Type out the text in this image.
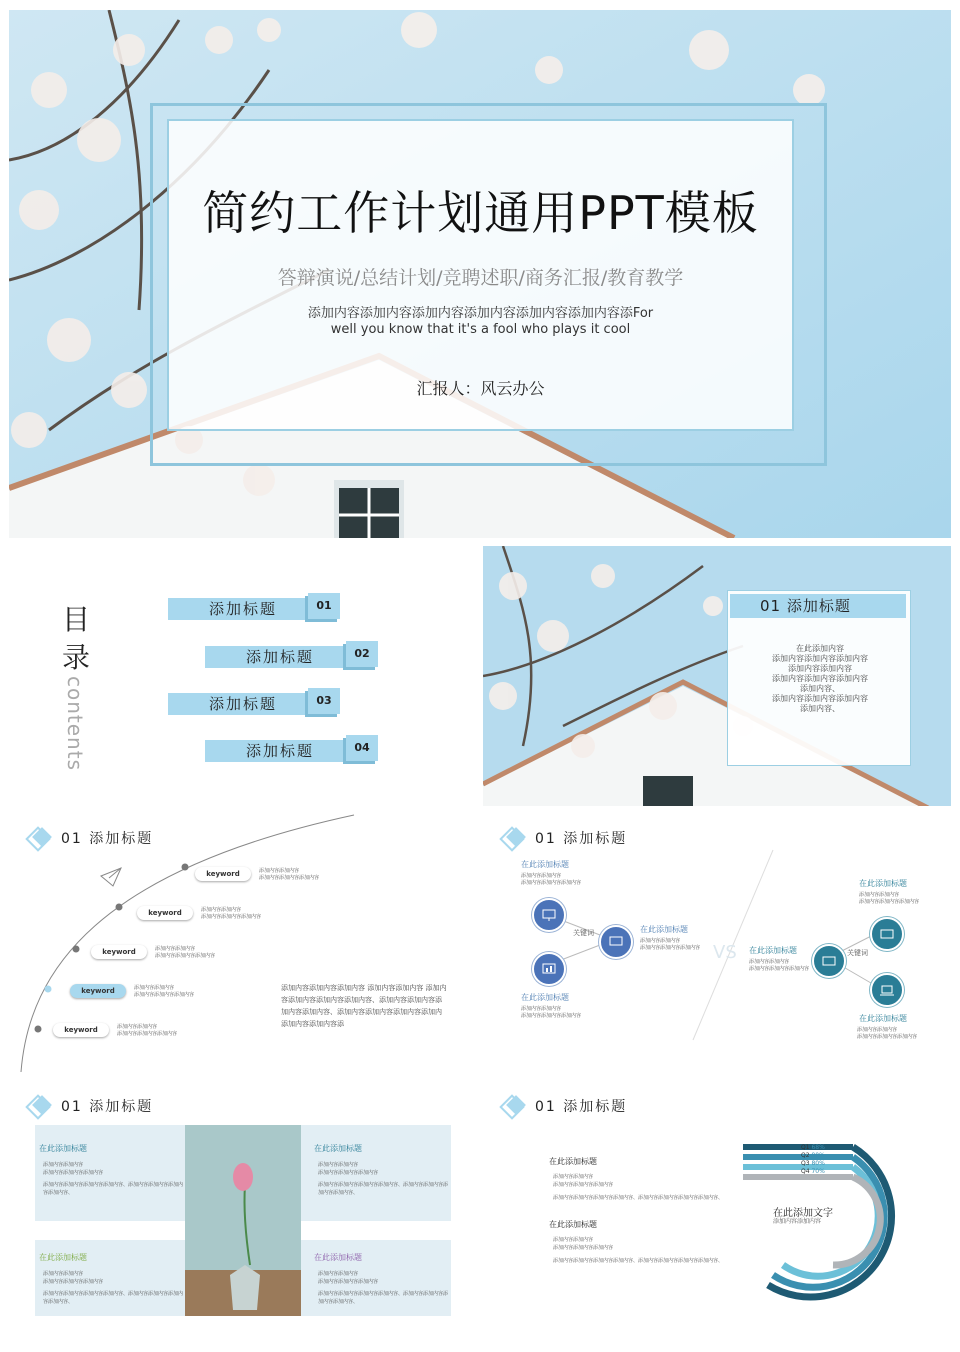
简约工作计划通用PPT模板
答辩演说/总结计划/竞聘述职/商务汇报/教育教学
添加内容添加内容添加内容添加内容添加内容添加内容添For
well you know that it's a fool who plays it cool
汇报人：风云办公
目录
contents
添加标题	01
添加标题	02
添加标题	03
添加标题	04
01 添加标题
在此添加内容
添加内容添加内容添加内容
添加内容添加内容
添加内容添加内容添加内容
添加内容、
添加内容添加内容添加内容
添加内容、
01 添加标题
keyword	添加内容添加内容
添加内容添加内容添加内容
keyword	添加内容添加内容
添加内容添加内容添加内容
keyword	添加内容添加内容
添加内容添加内容添加内容
keyword	添加内容添加内容
添加内容添加内容添加内容
keyword	添加内容添加内容
添加内容添加内容添加内容
添加内容添加内容添加内容 添加内容添加内容 添加内
容添加内容添加内容添加内容、添加内容添加内容添
加内容添加内容、添加内容添加内容添加内容添加内
添加内容添加内容添
01 添加标题
在此添加标题
添加内容添加内容
添加内容添加内容添加内容
关键词	在此添加标题
添加内容添加内容
添加内容添加内容添加内容
在此添加标题
添加内容添加内容
添加内容添加内容添加内容
VS
在此添加标题
添加内容添加内容
添加内容添加内容添加内容
在此添加标题
添加内容添加内容
添加内容添加内容添加内容
关键词
在此添加标题
添加内容添加内容
添加内容添加内容添加内容
01 添加标题
在此添加标题
添加内容添加内容
添加内容添加内容添加内容
添加内容添加内容添加内容添加内容、添加内容添加内容添加内容添加内容、
在此添加标题
添加内容添加内容
添加内容添加内容添加内容
添加内容添加内容添加内容添加内容、添加内容添加内容添加内容添加内容、
在此添加标题
添加内容添加内容
添加内容添加内容添加内容
添加内容添加内容添加内容添加内容、添加内容添加内容添加内容添加内容、
在此添加标题
添加内容添加内容
添加内容添加内容添加内容
添加内容添加内容添加内容添加内容、添加内容添加内容添加内容添加内容、
01 添加标题
在此添加标题
添加内容添加内容
添加内容添加内容添加内容
添加内容添加内容添加内容添加内容、添加内容添加内容添加内容添加内容、
在此添加标题
添加内容添加内容
添加内容添加内容添加内容
添加内容添加内容添加内容添加内容、添加内容添加内容添加内容添加内容、
Q1 68%
Q2 90%
Q3 80%
Q4 70%
在此添加文字
添加内容添加内容
